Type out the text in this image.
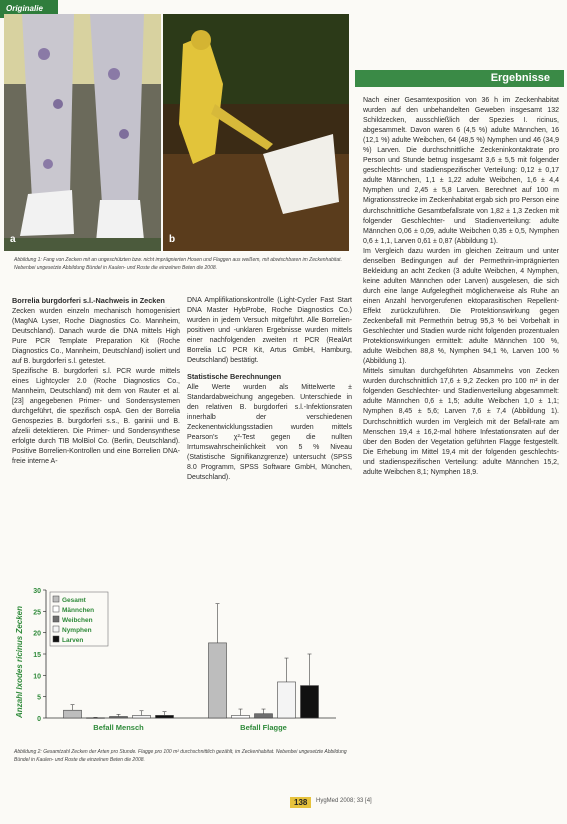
Originalie
a	b
Abbildung 1: Fang von Zecken mit an ungeschützten bzw. nicht imprägnierten Hosen und Flaggen aus weißem, mit abwischbaren im Zeckenhabitat. Nebenbei ungesetzte Abbildung Bündel in Kaulen- und Roste die einzelnen Beten die 2008.
Ergebnisse

Borrelia burgdorferi s.l.-Nachweis in Zecken

Zecken wurden einzeln mechanisch homogenisiert (MagNA Lyser, Roche Diagnostics Co. Mannheim, Deutschland). Danach wurde die DNA mittels High Pure PCR Template Preparation Kit (Roche Diagnostics Co., Mannheim, Deutschland) isoliert und auf B. burgdorferi s.l. getestet.

Spezifische B. burgdorferi s.l. PCR wurde mittels eines Lightcycler 2.0 (Roche Diagnostics Co., Mannheim, Deutschland) mit dem von Rauter et al. [23] angegebenen Primer- und Sondensystemen durchgeführt, die spezifisch ospA. Gen der Borrelia Genospezies B. burgdorferi s.s., B. garinii und B. afzelii detektieren. Die Primer- und Sondensynthese erfolgte durch TIB MolBiol Co. (Berlin, Deutschland). Positive Borrelien-Kontrollen und eine Borrelien DNA-freie interne A-

DNA Amplifikationskontrolle (Light-Cycler Fast Start DNA Master HybProbe, Roche Diagnostics Co.) wurden in jedem Versuch mitgeführt. Alle Borrelien-positiven und -unklaren Ergebnisse wurden mittels einer nachfolgenden zweiten rt PCR (RealArt Borrelia LC PCR Kit, Artus GmbH, Hamburg, Deutschland) bestätigt.

Statistische Berechnungen

Alle Werte wurden als Mittelwerte ± Standardabweichung angegeben. Unterschiede in den relativen B. burgdorferi s.l.-Infektionsraten innerhalb der verschiedenen Zeckenentwicklungsstadien wurden mittels Pearson's χ²-Test gegen die nullten Irrtumswahrscheinlichkeit von 5 % Niveau (Statistische Signifikanzgrenze) untersucht (SPSS 8.0 Programm, SPSS Software GmbH, München, Deutschland).

Nach einer Gesamtexposition von 36 h im Zeckenhabitat wurden auf den unbehandelten Geweben insgesamt 132 Schildzecken, ausschließlich der Spezies I. ricinus, abgesammelt. Davon waren 6 (4,5 %) adulte Männchen, 16 (12,1 %) adulte Weibchen, 64 (48,5 %) Nymphen und 46 (34,9 %) Larven. Die durchschnittliche Zeckeninkontaktrate pro Person und Stunde betrug insgesamt 3,6 ± 5,5 mit folgender geschlechts- und stadienspezifischer Verteilung: 0,12 ± 0,17 adulte Männchen, 1,1 ± 1,22 adulte Weibchen, 1,6 ± 4,4 Nymphen und 2,45 ± 5,8 Larven. Berechnet auf 100 m Migrationsstrecke im Zeckenhabitat ergab sich pro Person eine durchschnittliche Gesamtbefallsrate von 1,82 ± 1,3 Zecken mit folgender Geschlechter- und Stadienverteilung: adulte Männchen 0,06 ± 0,09, adulte Weibchen 0,35 ± 0,5, Nymphen 0,6 ± 1,1, Larven 0,61 ± 0,87 (Abbildung 1).

Im Vergleich dazu wurden im gleichen Zeitraum und unter denselben Bedingungen auf der Permethrin-imprägnierten Bekleidung an acht Zecken (3 adulte Weibchen, 4 Nymphen, keine adulten Männchen oder Larven) ausgelesen, die sich durch eine lange Aufgelegtheit möglicherweise als Ruhe an einen Anzahl hervorgerufenen ektoparasitischen Repellent-Effekt zurückzuführen. Die Protektionswirkung gegen Zeckenbefall mit Permethrin betrug 95,3 % bei Vorbehalt in Geschlechter und Stadien wurde nicht folgenden prozentualen Protektionswirkungen ermittelt: adulte Männchen 100 %, adulte Weibchen 88,8 %, Nymphen 94,1 %, Larven 100 % (Abbildung 1).

Mittels simultan durchgeführten Absammelns von Zecken wurden durchschnittlich 17,6 ± 9,2 Zecken pro 100 m² in der folgenden Geschlechter- und Stadienverteilung abgesammelt: adulte Männchen 0,6 ± 1,5; adulte Weibchen 1,0 ± 1,1; Nymphen 8,45 ± 5,6; Larven 7,6 ± 7,4 (Abbildung 1). Durchschnittlich wurden im Vergleich mit der Befall-rate am Menschen 19,4 ± 16,2-mal höhere Infestationsraten auf der über den Boden der Vegetation geführten Flagge festgestellt. Die Erhebung im Mittel 19,4 mit der folgenden geschlechts- und stadienspezifischen Verteilung: adulte Männchen 15,2, adulte Weibchen 8,1; Nymphen 18,9.

Anzahl Ixodes ricinus Zecken
0
5
10
15
20
25
30
Befall Mensch	Befall Flagge
Gesamt
Männchen
Weibchen
Nymphen
Larven
Abbildung 2: Gesamtzahl Zecken der Arten pro Stunde. Flagge pro 100 m² durchschnittlich gezählt, im Zeckenhabitat. Nebenbei ungesetzte Abbildung Bündel in Kaulen- und Roste die einzelnen Beten die 2008.
138	HygMed 2008; 33 [4]
